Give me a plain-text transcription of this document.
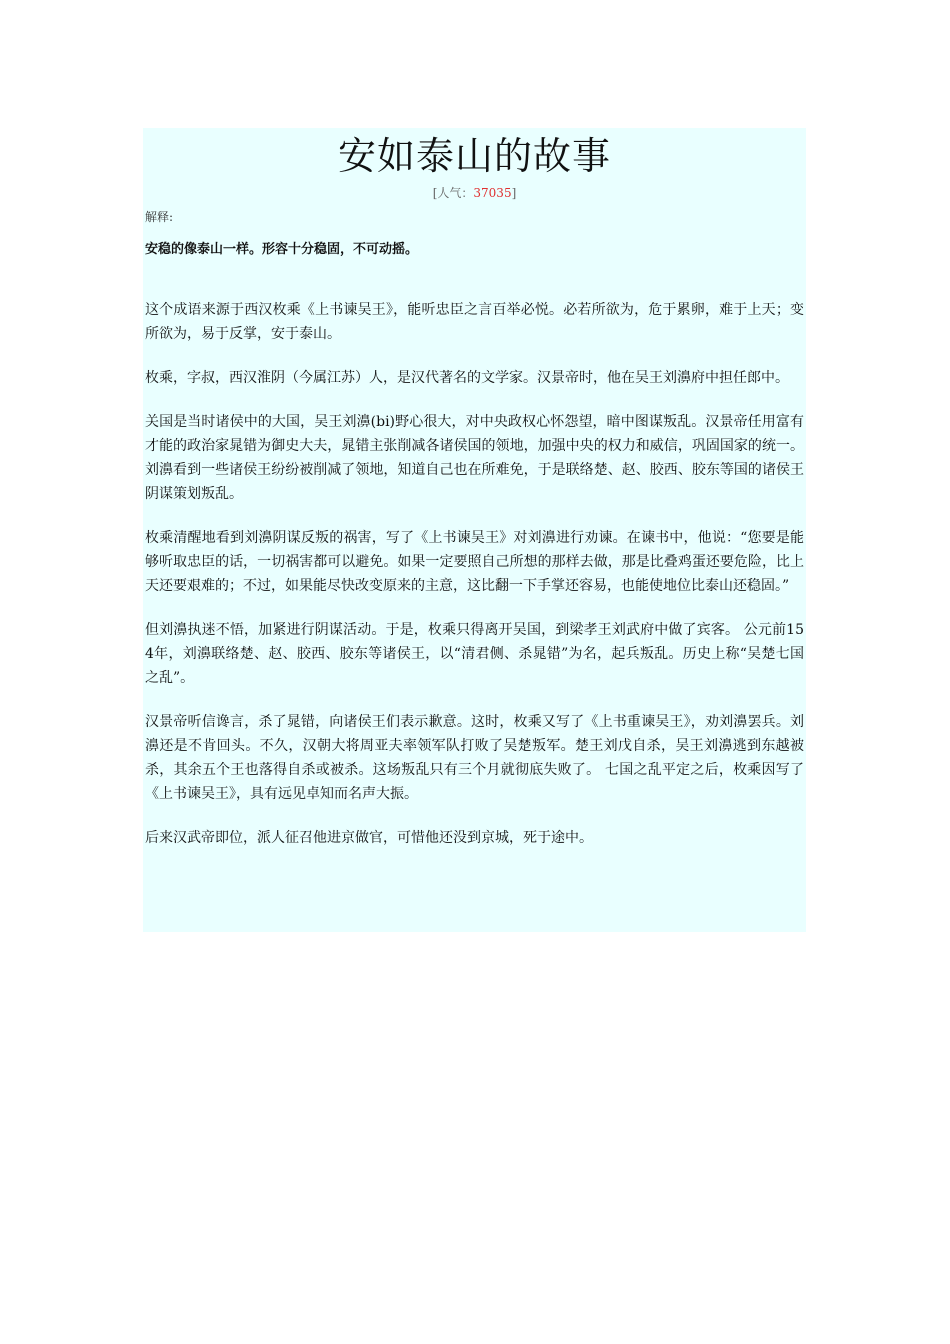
安如泰山的故事
[人气：37035]
解释:
安稳的像泰山一样。形容十分稳固，不可动摇。

这个成语来源于西汉枚乘《上书谏吴王》，能听忠臣之言百举必悦。必若所欲为，危于累卵，难于上天；变所欲为，易于反掌，安于泰山。

枚乘，字叔，西汉淮阴（今属江苏）人，是汉代著名的文学家。汉景帝时，他在吴王刘濞府中担任郎中。

关国是当时诸侯中的大国，吴王刘濞(bi)野心很大，对中央政权心怀怨望，暗中图谋叛乱。汉景帝任用富有才能的政治家晁错为御史大夫，晁错主张削减各诸侯国的领地，加强中央的权力和威信，巩固国家的统一。刘濞看到一些诸侯王纷纷被削减了领地，知道自己也在所难免，于是联络楚、赵、胶西、胶东等国的诸侯王阴谋策划叛乱。

枚乘清醒地看到刘濞阴谋反叛的祸害，写了《上书谏吴王》对刘濞进行劝谏。在谏书中，他说：“您要是能够听取忠臣的话，一切祸害都可以避免。如果一定要照自己所想的那样去做，那是比叠鸡蛋还要危险，比上天还要艰难的；不过，如果能尽快改变原来的主意，这比翻一下手掌还容易，也能使地位比泰山还稳固。”

但刘濞执迷不悟，加紧进行阴谋活动。于是，枚乘只得离开吴国，到梁孝王刘武府中做了宾客。 公元前154年，刘濞联络楚、赵、胶西、胶东等诸侯王，以“清君侧、杀晁错”为名，起兵叛乱。历史上称“吴楚七国之乱”。

汉景帝听信谗言，杀了晁错，向诸侯王们表示歉意。这时，枚乘又写了《上书重谏吴王》，劝刘濞罢兵。刘濞还是不肯回头。不久，汉朝大将周亚夫率领军队打败了吴楚叛军。楚王刘戊自杀，吴王刘濞逃到东越被杀，其余五个王也落得自杀或被杀。这场叛乱只有三个月就彻底失败了。 七国之乱平定之后，枚乘因写了《上书谏吴王》，具有远见卓知而名声大振。

后来汉武帝即位，派人征召他进京做官，可惜他还没到京城，死于途中。
